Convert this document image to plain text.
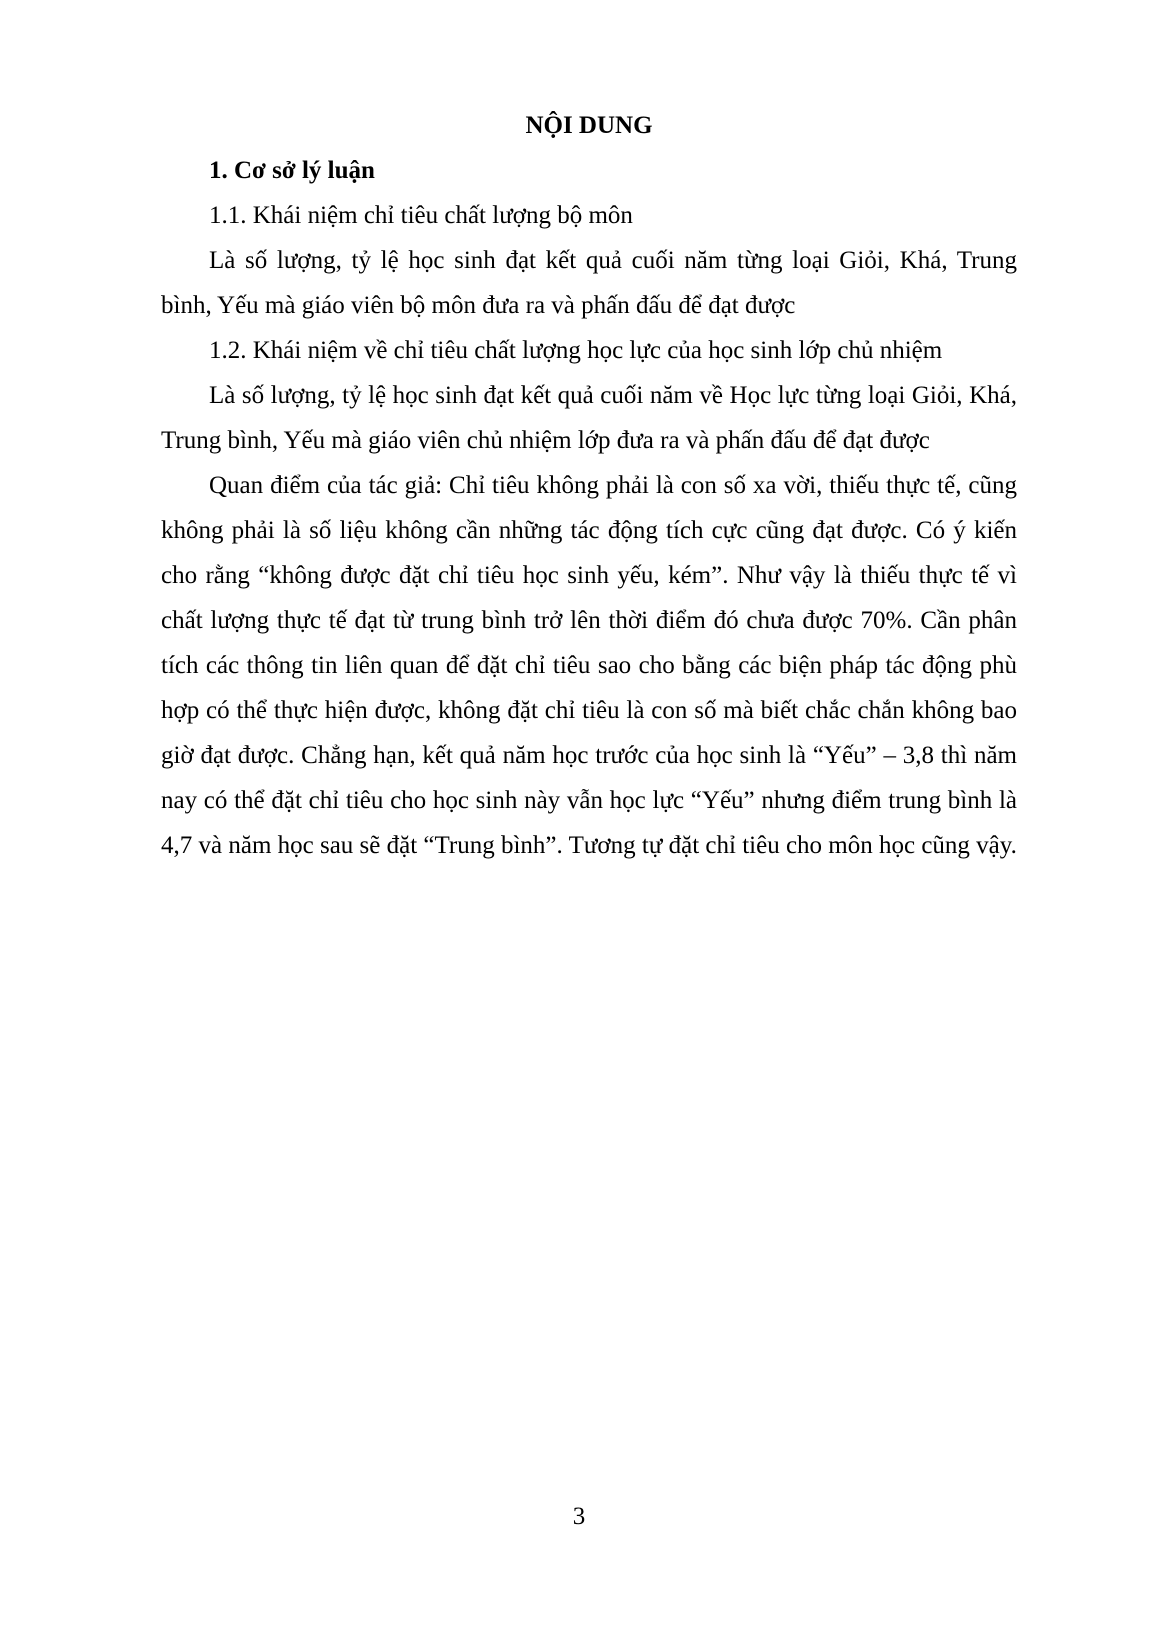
NỘI DUNG

1. Cơ sở lý luận

1.1. Khái niệm chỉ tiêu chất lượng bộ môn

Là số lượng, tỷ lệ học sinh đạt kết quả cuối năm từng loại Giỏi, Khá, Trung bình, Yếu mà giáo viên bộ môn đưa ra và phấn đấu để đạt được

1.2. Khái niệm về chỉ tiêu chất lượng học lực của học sinh lớp chủ nhiệm

Là số lượng, tỷ lệ học sinh đạt kết quả cuối năm về Học lực từng loại Giỏi, Khá, Trung bình, Yếu mà giáo viên chủ nhiệm lớp đưa ra và phấn đấu để đạt được

Quan điểm của tác giả: Chỉ tiêu không phải là con số xa vời, thiếu thực tế, cũng không phải là số liệu không cần những tác động tích cực cũng đạt được. Có ý kiến cho rằng “không được đặt chỉ tiêu học sinh yếu, kém”. Như vậy là thiếu thực tế vì chất lượng thực tế đạt từ trung bình trở lên thời điểm đó chưa được 70%. Cần phân tích các thông tin liên quan để đặt chỉ tiêu sao cho bằng các biện pháp tác động phù hợp có thể thực hiện được, không đặt chỉ tiêu là con số mà biết chắc chắn không bao giờ đạt được. Chẳng hạn, kết quả năm học trước của học sinh là “Yếu” – 3,8 thì năm nay có thể đặt chỉ tiêu cho học sinh này vẫn học lực “Yếu” nhưng điểm trung bình là 4,7 và năm học sau sẽ đặt “Trung bình”. Tương tự đặt chỉ tiêu cho môn học cũng vậy.

3
